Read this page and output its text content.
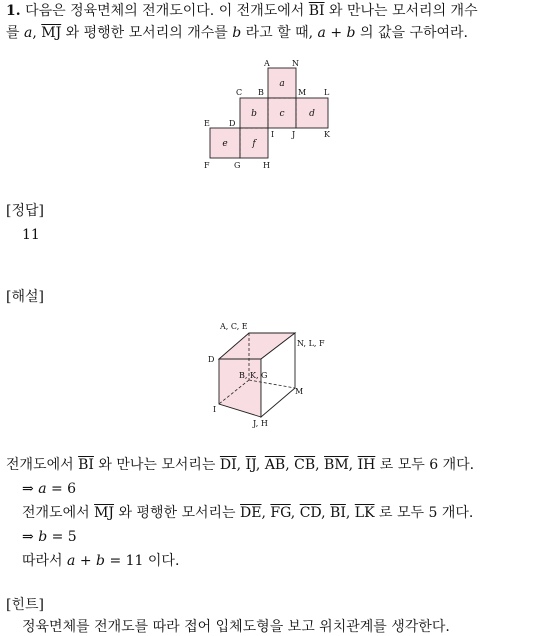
1. 다음은 정육면체의 전개도이다. 이 전개도에서 $\overline{BI}$ 와 만나는 모서리의 개수
를 a, $\overline{MJ}$ 와 평행한 모서리의 개수를 b 라고 할 때, a + b 의 값을 구하여라.
a
b	c	d
e	f
A	N
C B	M L
E D
I J	K
F	G	H
[정답]
11
[해설]
A, C, E
N, L, F
D
B, K, G
M
I
J, H
전개도에서 $\overline{BI}$ 와 만나는 모서리는 $\overline{DI}$, $\overline{IJ}$, $\overline{AB}$, $\overline{CB}$, $\overline{BM}$, $\overline{IH}$ 로 모두 6 개다.
⇒ a = 6
전개도에서 $\overline{MJ}$ 와 평행한 모서리는 $\overline{DE}$, $\overline{FG}$, $\overline{CD}$, $\overline{BI}$, $\overline{LK}$ 로 모두 5 개다.
⇒ b = 5
따라서 a + b = 11 이다.
[힌트]
정육면체를 전개도를 따라 접어 입체도형을 보고 위치관계를 생각한다.
